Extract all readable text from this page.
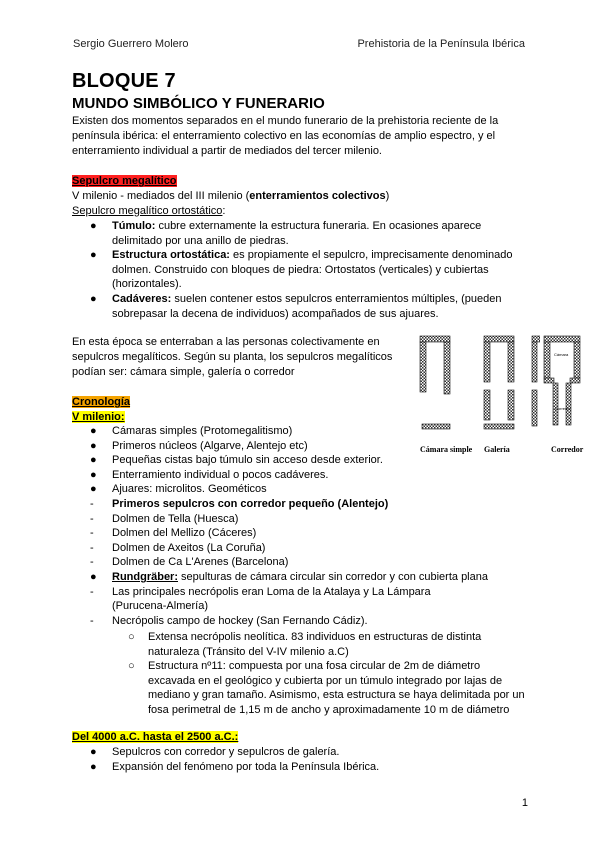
Sergio Guerrero Molero	Prehistoria de la Península Ibérica
BLOQUE 7
MUNDO SIMBÓLICO Y FUNERARIO
Existen dos momentos separados en el mundo funerario de la prehistoria reciente de la
península ibérica: el enterramiento colectivo en las economías de amplio espectro, y el
enterramiento individual a partir de mediados del tercer milenio.
Sepulcro megalítico
V milenio - mediados del III milenio (enterramientos colectivos)
Sepulcro megalítico ortostático:
●	Túmulo: cubre externamente la estructura funeraria. En ocasiones aparece
delimitado por una anillo de piedras.
●	Estructura ortostática: es propiamente el sepulcro, imprecisamente denominado
dolmen. Construido con bloques de piedra: Ortostatos (verticales) y cubiertas
(horizontales).
●	Cadáveres: suelen contener estos sepulcros enterramientos múltiples, (pueden
sobrepasar la decena de individuos) acompañados de sus ajuares.
En esta época se enterraban a las personas colectivamente en
sepulcros megalíticos. Según su planta, los sepulcros megalíticos
podían ser: cámara simple, galería o corredor
Cámara simple Galería
Cámara
Corredor
Corredor
Cronología
V milenio:
●	Cámaras simples (Protomegalitismo)
●	Primeros núcleos (Algarve, Alentejo etc)
●	Pequeñas cistas bajo túmulo sin acceso desde exterior.
●	Enterramiento individual o pocos cadáveres.
●	Ajuares: microlitos. Geométicos
-	Primeros sepulcros con corredor pequeño (Alentejo)
-	Dolmen de Tella (Huesca)
-	Dolmen del Mellizo (Cáceres)
-	Dolmen de Axeitos (La Coruña)
-	Dolmen de Ca L'Arenes (Barcelona)
●	Rundgräber: sepulturas de cámara circular sin corredor y con cubierta plana
-	Las principales necrópolis eran Loma de la Atalaya y La Lámpara
(Purucena-Almería)
-	Necrópolis campo de hockey (San Fernando Cádiz).
○	Extensa necrópolis neolítica. 83 individuos en estructuras de distinta
naturaleza (Tránsito del V-IV milenio a.C)
○	Estructura nº11: compuesta por una fosa circular de 2m de diámetro
excavada en el geológico y cubierta por un túmulo integrado por lajas de
mediano y gran tamaño. Asimismo, esta estructura se haya delimitada por un
fosa perimetral de 1,15 m de ancho y aproximadamente 10 m de diámetro
Del 4000 a.C. hasta el 2500 a.C.:
●	Sepulcros con corredor y sepulcros de galería.
●	Expansión del fenómeno por toda la Península Ibérica.
1
